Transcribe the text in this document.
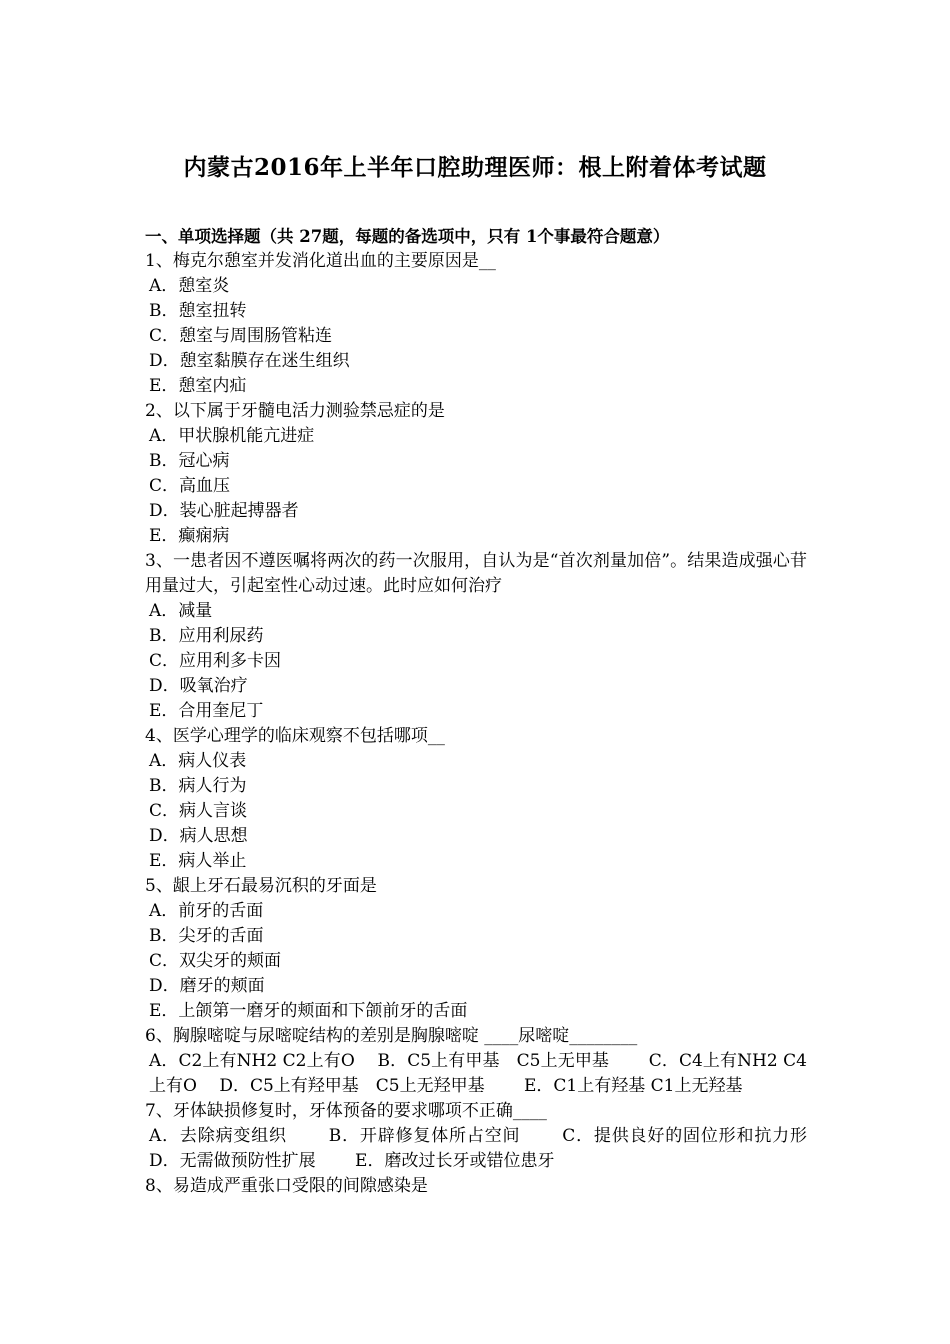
内蒙古2016年上半年口腔助理医师：根上附着体考试题
一、单项选择题（共 27题，每题的备选项中，只有 1个事最符合题意）
1、梅克尔憩室并发消化道出血的主要原因是__
A．憩室炎
B．憩室扭转
C．憩室与周围肠管粘连
D．憩室黏膜存在迷生组织
E．憩室内疝
2、以下属于牙髓电活力测验禁忌症的是
A．甲状腺机能亢进症
B．冠心病
C．高血压
D．装心脏起搏器者
E．癫痫病
3、一患者因不遵医嘱将两次的药一次服用，自认为是“首次剂量加倍”。结果造成强心苷用量过大，引起室性心动过速。此时应如何治疗
A．减量
B．应用利尿药
C．应用利多卡因
D．吸氧治疗
E．合用奎尼丁
4、医学心理学的临床观察不包括哪项__
A．病人仪表
B．病人行为
C．病人言谈
D．病人思想
E．病人举止
5、龈上牙石最易沉积的牙面是
A．前牙的舌面
B．尖牙的舌面
C．双尖牙的颊面
D．磨牙的颊面
E．上颌第一磨牙的颊面和下颌前牙的舌面
6、胸腺嘧啶与尿嘧啶结构的差别是胸腺嘧啶 ____尿嘧啶________
A．C2上有NH2 C2上有O　 B．C5上有甲基　C5上无甲基　　 C．C4上有NH2 C4上有O　 D．C5上有羟甲基　C5上无羟甲基　　 E．C1上有羟基 C1上无羟基
7、牙体缺损修复时，牙体预备的要求哪项不正确____
A．去除病变组织　　 B．开辟修复体所占空间　　 C．提供良好的固位形和抗力形　　 D．无需做预防性扩展　　 E．磨改过长牙或错位患牙
8、易造成严重张口受限的间隙感染是
